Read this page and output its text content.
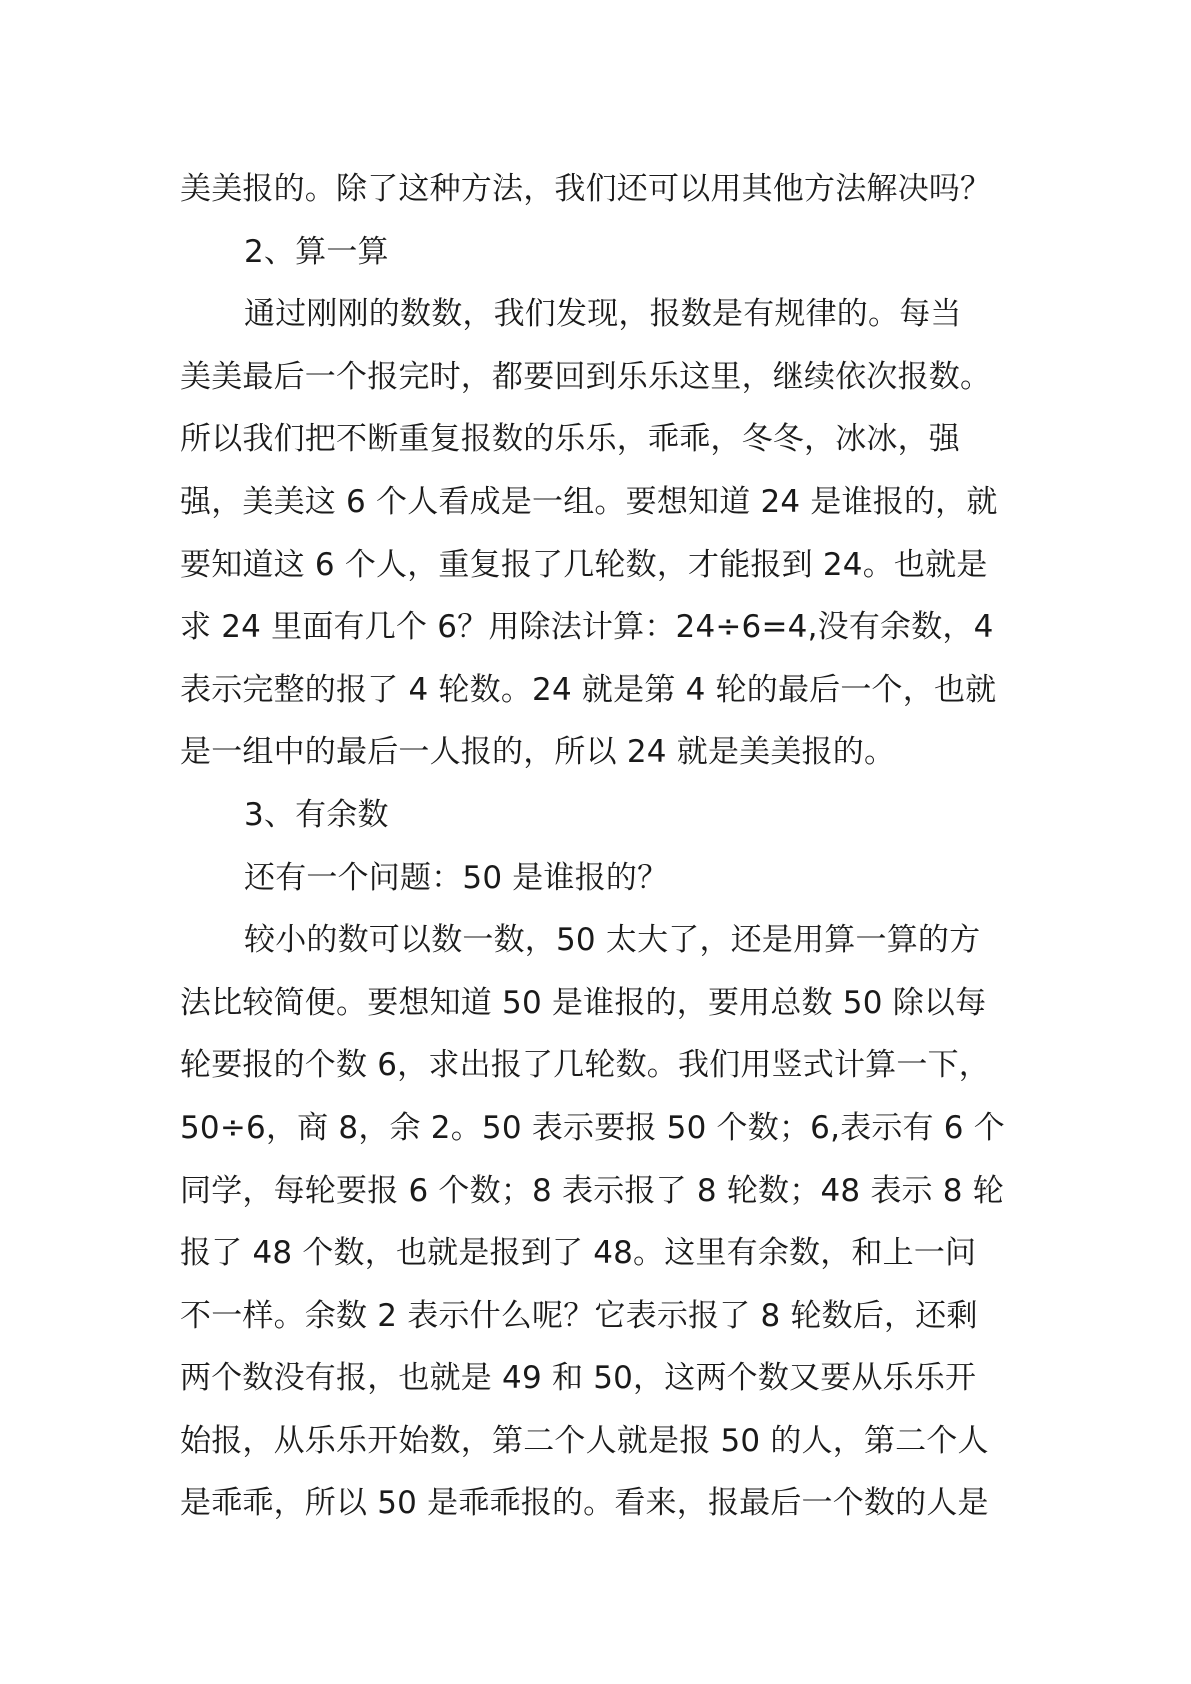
美美报的。除了这种方法，我们还可以用其他方法解决吗？
2、算一算
通过刚刚的数数，我们发现，报数是有规律的。每当
美美最后一个报完时，都要回到乐乐这里，继续依次报数。
所以我们把不断重复报数的乐乐，乖乖，冬冬，冰冰，强
强，美美这 6 个人看成是一组。要想知道 24 是谁报的，就
要知道这 6 个人，重复报了几轮数，才能报到 24。也就是
求 24 里面有几个 6？用除法计算：24÷6=4,没有余数，4
表示完整的报了 4 轮数。24 就是第 4 轮的最后一个，也就
是一组中的最后一人报的，所以 24 就是美美报的。
3、有余数
还有一个问题：50 是谁报的？
较小的数可以数一数，50 太大了，还是用算一算的方
法比较简便。要想知道 50 是谁报的，要用总数 50 除以每
轮要报的个数 6，求出报了几轮数。我们用竖式计算一下，
50÷6，商 8，余 2。50 表示要报 50 个数；6,表示有 6 个
同学，每轮要报 6 个数；8 表示报了 8 轮数；48 表示 8 轮
报了 48 个数，也就是报到了 48。这里有余数，和上一问
不一样。余数 2 表示什么呢？它表示报了 8 轮数后，还剩
两个数没有报，也就是 49 和 50，这两个数又要从乐乐开
始报，从乐乐开始数，第二个人就是报 50 的人，第二个人
是乖乖，所以 50 是乖乖报的。看来，报最后一个数的人是
